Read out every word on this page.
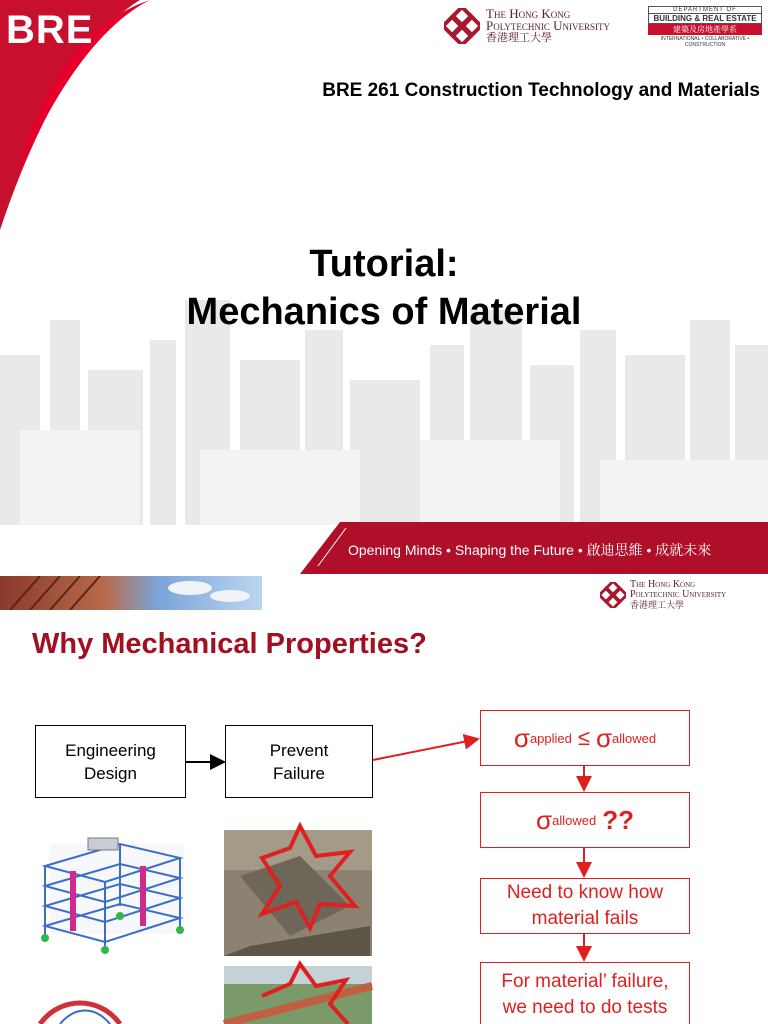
BRE	The Hong Kong
Polytechnic University
香港理工大學
DEPARTMENT OF
BUILDING & REAL ESTATE
建築及房地產學系
INTERNATIONAL • COLLABORATIVE • CONSTRUCTION
BRE 261 Construction Technology and Materials
Tutorial:
Mechanics of Material
Opening Minds • Shaping the Future • 啟迪思維 • 成就未來
The Hong Kong
Polytechnic University
香港理工大學
Why Mechanical Properties?
Engineering
Design
Prevent
Failure
σ applied ≤ σ allowed
σ allowed ??
Need to know how
material fails
For material’ failure,
we need to do tests
